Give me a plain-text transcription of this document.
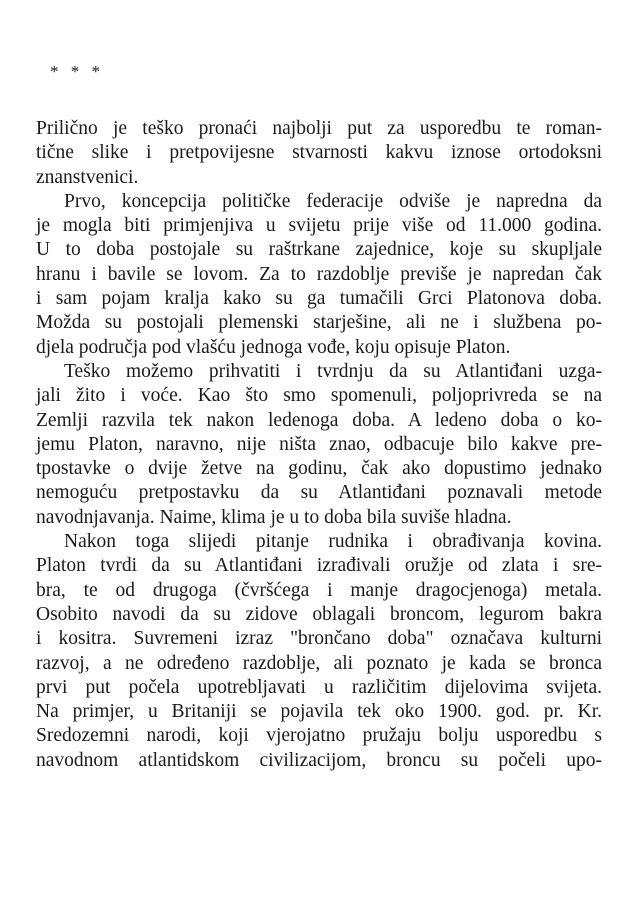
* * *
Prilično je teško pronaći najbolji put za usporedbu te roman-
tične slike i pretpovijesne stvarnosti kakvu iznose ortodoksni
znanstvenici.
Prvo, koncepcija političke federacije odviše je napredna da
je mogla biti primjenjiva u svijetu prije više od 11.000 godina.
U to doba postojale su raštrkane zajednice, koje su skupljale
hranu i bavile se lovom. Za to razdoblje previše je napredan čak
i sam pojam kralja kako su ga tumačili Grci Platonova doba.
Možda su postojali plemenski starješine, ali ne i službena po-
djela područja pod vlašću jednoga vođe, koju opisuje Platon.
Teško možemo prihvatiti i tvrdnju da su Atlantiđani uzga-
jali žito i voće. Kao što smo spomenuli, poljoprivreda se na
Zemlji razvila tek nakon ledenoga doba. A ledeno doba o ko-
jemu Platon, naravno, nije ništa znao, odbacuje bilo kakve pre-
tpostavke o dvije žetve na godinu, čak ako dopustimo jednako
nemoguću pretpostavku da su Atlantiđani poznavali metode
navodnjavanja. Naime, klima je u to doba bila suviše hladna.
Nakon toga slijedi pitanje rudnika i obrađivanja kovina.
Platon tvrdi da su Atlantiđani izrađivali oružje od zlata i sre-
bra, te od drugoga (čvršćega i manje dragocjenoga) metala.
Osobito navodi da su zidove oblagali broncom, legurom bakra
i kositra. Suvremeni izraz "brončano doba" označava kulturni
razvoj, a ne određeno razdoblje, ali poznato je kada se bronca
prvi put počela upotrebljavati u različitim dijelovima svijeta.
Na primjer, u Britaniji se pojavila tek oko 1900. god. pr. Kr.
Sredozemni narodi, koji vjerojatno pružaju bolju usporedbu s
navodnom atlantidskom civilizacijom, broncu su počeli upo-
